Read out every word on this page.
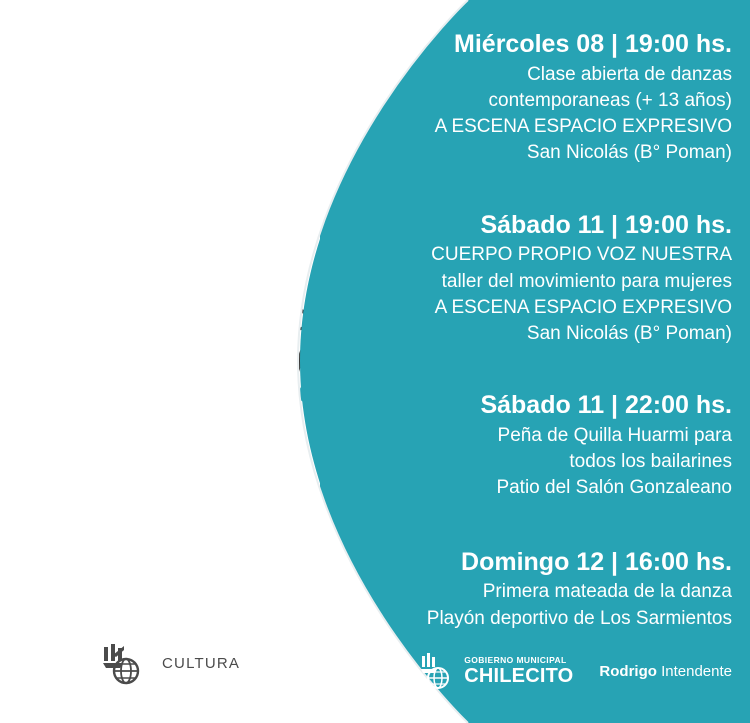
CULTURA
Miércoles 08 | 19:00 hs.
Clase abierta de danzas
contemporaneas (+ 13 años)
A ESCENA ESPACIO EXPRESIVO
San Nicolás (B° Poman)
Sábado 11 | 19:00 hs.
CUERPO PROPIO VOZ NUESTRA
taller del movimiento para mujeres
A ESCENA ESPACIO EXPRESIVO
San Nicolás (B° Poman)
Sábado 11 | 22:00 hs.
Peña de Quilla Huarmi para
todos los bailarines
Patio del Salón Gonzaleano
Domingo 12 | 16:00 hs.
Primera mateada de la danza
Playón deportivo de Los Sarmientos
GOBIERNO MUNICIPAL
CHILECITO Rodrigo Intendente
